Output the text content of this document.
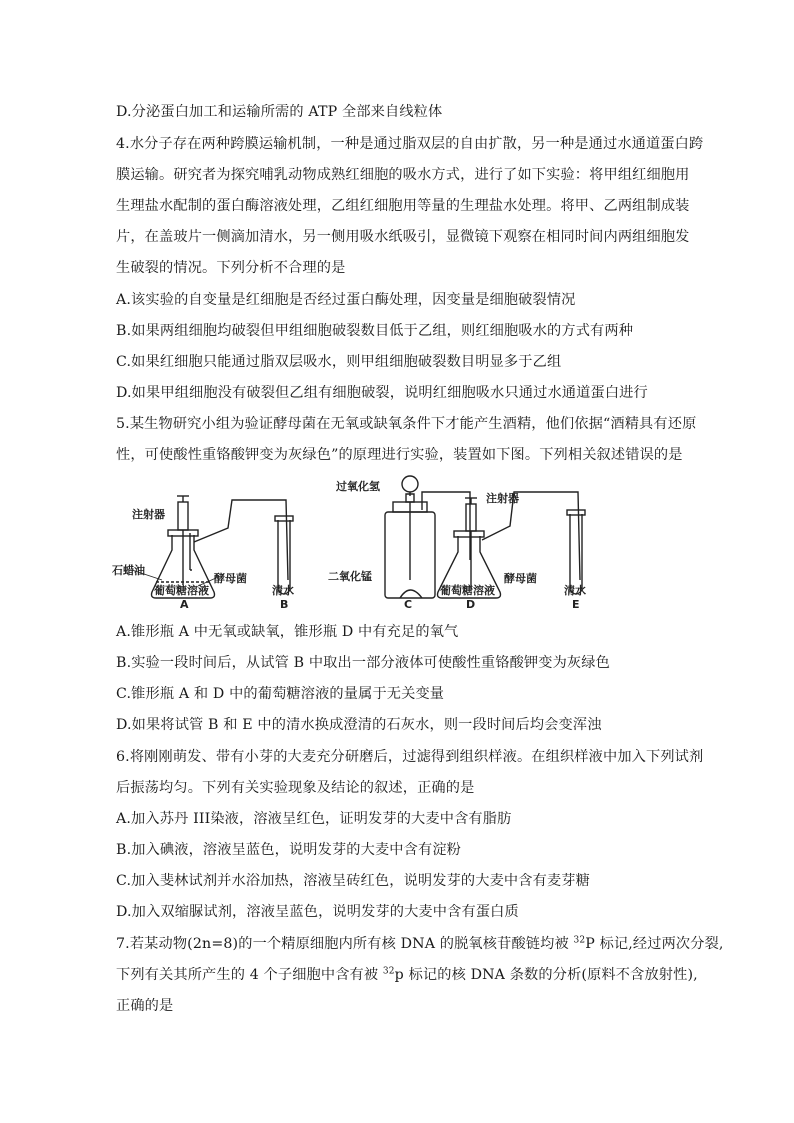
D.分泌蛋白加工和运输所需的 ATP 全部来自线粒体
4.水分子存在两种跨膜运输机制，一种是通过脂双层的自由扩散，另一种是通过水通道蛋白跨
膜运输。研究者为探究哺乳动物成熟红细胞的吸水方式，进行了如下实验：将甲组红细胞用
生理盐水配制的蛋白酶溶液处理，乙组红细胞用等量的生理盐水处理。将甲、乙两组制成装
片，在盖玻片一侧滴加清水，另一侧用吸水纸吸引，显微镜下观察在相同时间内两组细胞发
生破裂的情况。下列分析不合理的是
A.该实验的自变量是红细胞是否经过蛋白酶处理，因变量是细胞破裂情况
B.如果两组细胞均破裂但甲组细胞破裂数目低于乙组，则红细胞吸水的方式有两种
C.如果红细胞只能通过脂双层吸水，则甲组细胞破裂数目明显多于乙组
D.如果甲组细胞没有破裂但乙组有细胞破裂，说明红细胞吸水只通过水通道蛋白进行
5.某生物研究小组为验证酵母菌在无氧或缺氧条件下才能产生酒精，他们依据“酒精具有还原
性，可使酸性重铬酸钾变为灰绿色”的原理进行实验，装置如下图。下列相关叙述错误的是
注射器
石蜡油
酵母菌
葡萄糖溶液
A
清水
B
过氧化氢
二氧化锰
C
注射器
酵母菌
葡萄糖溶液
D
清水
E
A.锥形瓶 A 中无氧或缺氧，锥形瓶 D 中有充足的氧气
B.实验一段时间后，从试管 B 中取出一部分液体可使酸性重铬酸钾变为灰绿色
C.锥形瓶 A 和 D 中的葡萄糖溶液的量属于无关变量
D.如果将试管 B 和 E 中的清水换成澄清的石灰水，则一段时间后均会变浑浊
6.将刚刚萌发、带有小芽的大麦充分研磨后，过滤得到组织样液。在组织样液中加入下列试剂
后振荡均匀。下列有关实验现象及结论的叙述，正确的是
A.加入苏丹 III染液，溶液呈红色，证明发芽的大麦中含有脂肪
B.加入碘液，溶液呈蓝色，说明发芽的大麦中含有淀粉
C.加入斐林试剂并水浴加热，溶液呈砖红色，说明发芽的大麦中含有麦芽糖
D.加入双缩脲试剂，溶液呈蓝色，说明发芽的大麦中含有蛋白质
7.若某动物(2n=8)的一个精原细胞内所有核 DNA 的脱氧核苷酸链均被 $^{32}$P 标记,经过两次分裂,
下列有关其所产生的 4 个子细胞中含有被 $^{32}$p 标记的核 DNA 条数的分析(原料不含放射性),
正确的是
